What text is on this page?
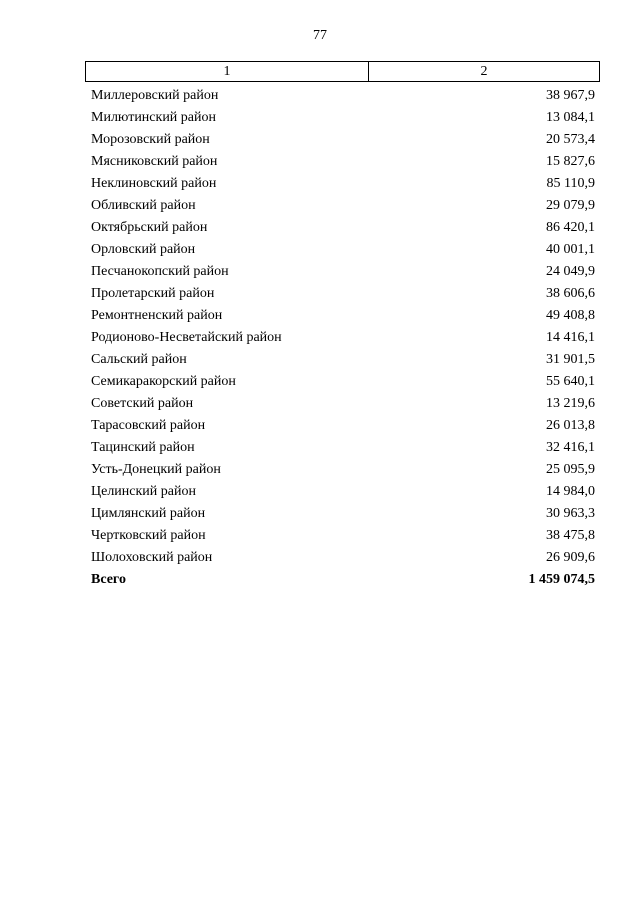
77
1	2
Миллеровский район	38 967,9
Милютинский район	13 084,1
Морозовский район	20 573,4
Мясниковский район	15 827,6
Неклиновский район	85 110,9
Обливский район	29 079,9
Октябрьский район	86 420,1
Орловский район	40 001,1
Песчанокопский район	24 049,9
Пролетарский район	38 606,6
Ремонтненский район	49 408,8
Родионово-Несветайский район	14 416,1
Сальский район	31 901,5
Семикаракорский район	55 640,1
Советский район	13 219,6
Тарасовский район	26 013,8
Тацинский район	32 416,1
Усть-Донецкий район	25 095,9
Целинский район	14 984,0
Цимлянский район	30 963,3
Чертковский район	38 475,8
Шолоховский район	26 909,6
Всего	1 459 074,5
